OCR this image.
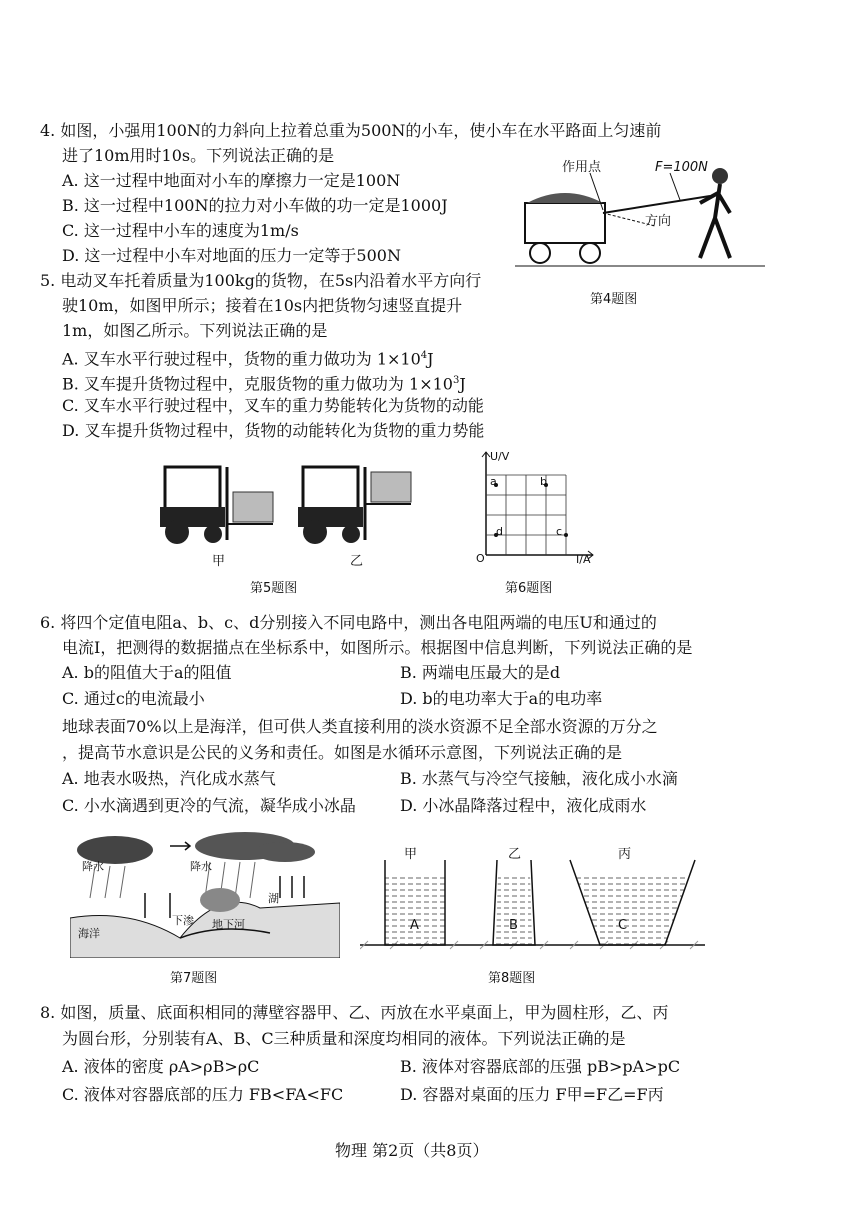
4. 如图，小强用100N的力斜向上拉着总重为500N的小车，使小车在水平路面上匀速前
进了10m用时10s。下列说法正确的是
A. 这一过程中地面对小车的摩擦力一定是100N
B. 这一过程中100N的拉力对小车做的功一定是1000J
C. 这一过程中小车的速度为1m/s
D. 这一过程中小车对地面的压力一定等于500N
作用点	F=100N
方向
第4题图
5. 电动叉车托着质量为100kg的货物，在5s内沿着水平方向行
驶10m，如图甲所示；接着在10s内把货物匀速竖直提升
1m，如图乙所示。下列说法正确的是
A. 叉车水平行驶过程中，货物的重力做功为 $1\times 10^4J$
B. 叉车提升货物过程中，克服货物的重力做功为 $1\times 10^3J$
C. 叉车水平行驶过程中，叉车的重力势能转化为货物的动能
D. 叉车提升货物过程中，货物的动能转化为货物的重力势能
甲	乙
第5题图
U/V
I/A
O
a	b
c
d
第6题图
6. 将四个定值电阻a、b、c、d分别接入不同电路中，测出各电阻两端的电压U和通过的
电流I，把测得的数据描点在坐标系中，如图所示。根据图中信息判断，下列说法正确的是
A. b的阻值大于a的阻值	B. 两端电压最大的是d
C. 通过c的电流最小	D. b的电功率大于a的电功率
地球表面70%以上是海洋，但可供人类直接利用的淡水资源不足全部水资源的万分之
，提高节水意识是公民的义务和责任。如图是水循环示意图，下列说法正确的是
A. 地表水吸热，汽化成水蒸气	B. 水蒸气与冷空气接触，液化成小水滴
C. 小水滴遇到更冷的气流，凝华成小冰晶	D. 小冰晶降落过程中，液化成雨水
降水	降水
湖
海洋
下渗 地下河
第7题图
甲	乙	丙
A	B	C
第8题图
8. 如图，质量、底面积相同的薄壁容器甲、乙、丙放在水平桌面上，甲为圆柱形，乙、丙
为圆台形，分别装有A、B、C三种质量和深度均相同的液体。下列说法正确的是
A. 液体的密度 ρA>ρB>ρC	B. 液体对容器底部的压强 pB>pA>pC
C. 液体对容器底部的压力 FB<FA<FC	D. 容器对桌面的压力 F甲=F乙=F丙
物理 第2页（共8页）
